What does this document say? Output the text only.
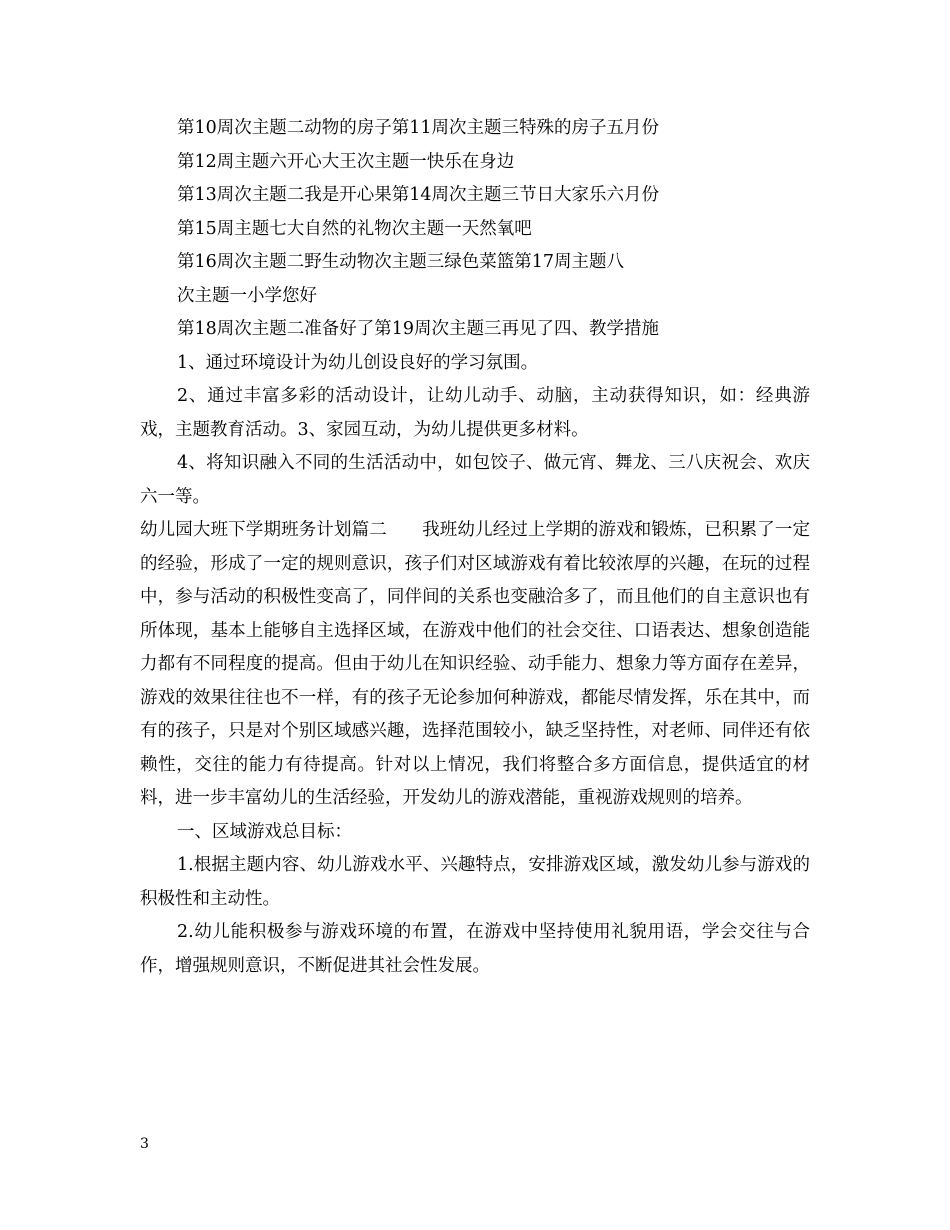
第10周次主题二动物的房子第11周次主题三特殊的房子五月份

第12周主题六开心大王次主题一快乐在身边

第13周次主题二我是开心果第14周次主题三节日大家乐六月份

第15周主题七大自然的礼物次主题一天然氧吧

第16周次主题二野生动物次主题三绿色菜篮第17周主题八

次主题一小学您好

第18周次主题二准备好了第19周次主题三再见了四、教学措施

1、通过环境设计为幼儿创设良好的学习氛围。

2、通过丰富多彩的活动设计，让幼儿动手、动脑，主动获得知识，如：经典游戏，主题教育活动。3、家园互动，为幼儿提供更多材料。

4、将知识融入不同的生活活动中，如包饺子、做元宵、舞龙、三八庆祝会、欢庆六一等。

幼儿园大班下学期班务计划篇二　　我班幼儿经过上学期的游戏和锻炼，已积累了一定的经验，形成了一定的规则意识，孩子们对区域游戏有着比较浓厚的兴趣，在玩的过程中，参与活动的积极性变高了，同伴间的关系也变融洽多了，而且他们的自主意识也有所体现，基本上能够自主选择区域，在游戏中他们的社会交往、口语表达、想象创造能力都有不同程度的提高。但由于幼儿在知识经验、动手能力、想象力等方面存在差异，游戏的效果往往也不一样，有的孩子无论参加何种游戏，都能尽情发挥，乐在其中，而有的孩子，只是对个别区域感兴趣，选择范围较小，缺乏坚持性，对老师、同伴还有依赖性，交往的能力有待提高。针对以上情况，我们将整合多方面信息，提供适宜的材料，进一步丰富幼儿的生活经验，开发幼儿的游戏潜能，重视游戏规则的培养。

一、区域游戏总目标：

1.根据主题内容、幼儿游戏水平、兴趣特点，安排游戏区域，激发幼儿参与游戏的积极性和主动性。

2.幼儿能积极参与游戏环境的布置，在游戏中坚持使用礼貌用语，学会交往与合作，增强规则意识，不断促进其社会性发展。

3
